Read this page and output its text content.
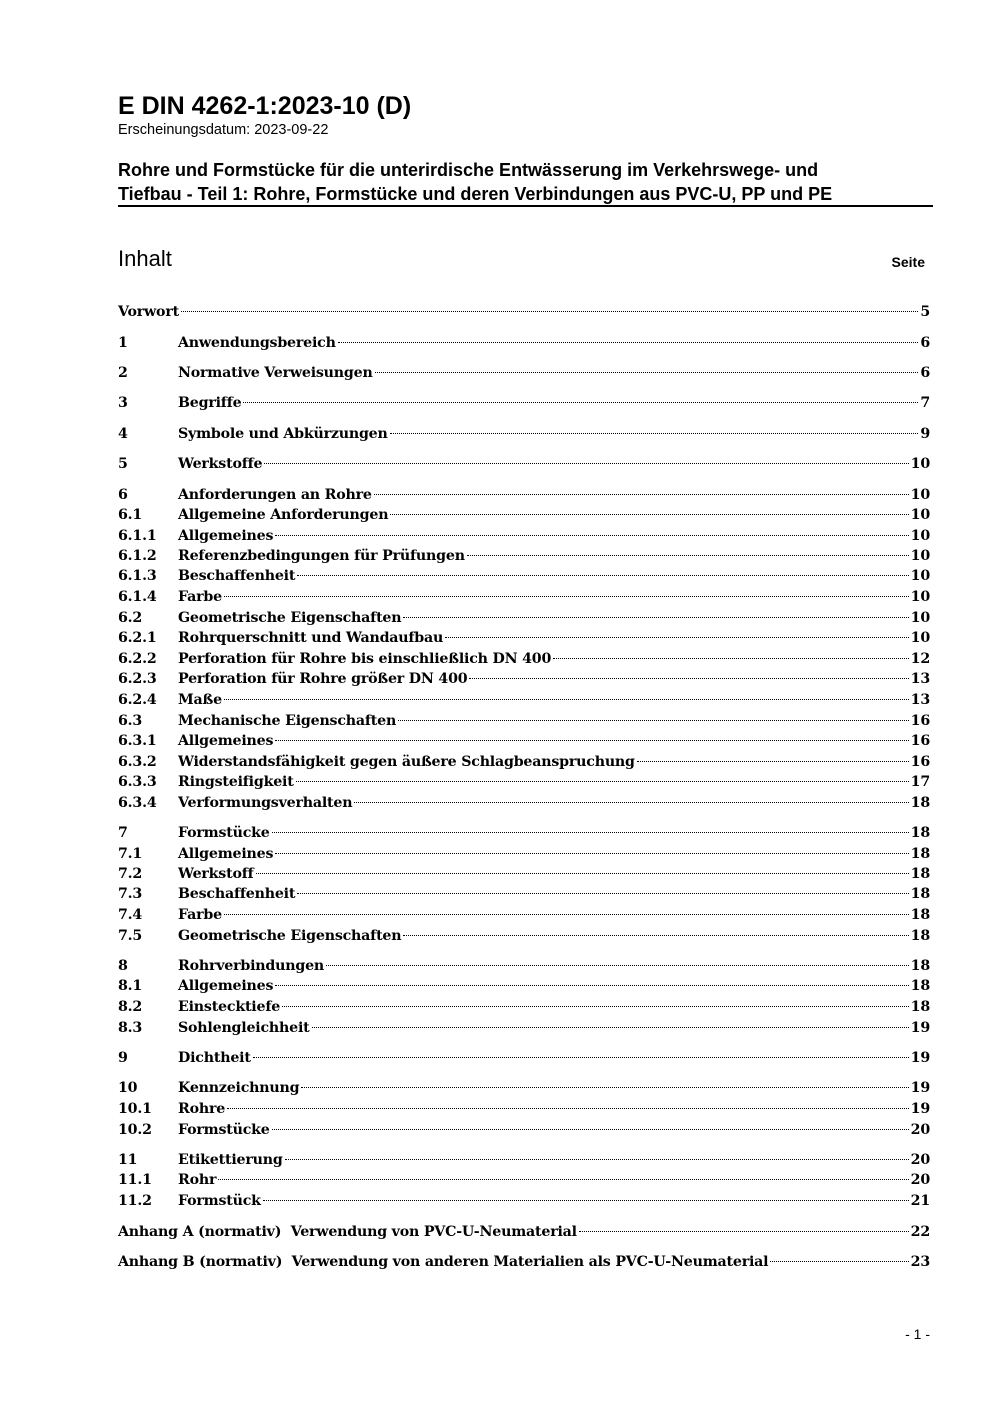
E DIN 4262-1:2023-10 (D)
Erscheinungsdatum: 2023-09-22
Rohre und Formstücke für die unterirdische Entwässerung im Verkehrswege- und
Tiefbau - Teil 1: Rohre, Formstücke und deren Verbindungen aus PVC-U, PP und PE
Inhalt	Seite
Vorwort	5
1	Anwendungsbereich	6
2	Normative Verweisungen	6
3	Begriffe	7
4	Symbole und Abkürzungen	9
5	Werkstoffe	10
6	Anforderungen an Rohre	10
6.1	Allgemeine Anforderungen	10
6.1.1	Allgemeines	10
6.1.2	Referenzbedingungen für Prüfungen	10
6.1.3	Beschaffenheit	10
6.1.4	Farbe	10
6.2	Geometrische Eigenschaften	10
6.2.1	Rohrquerschnitt und Wandaufbau	10
6.2.2	Perforation für Rohre bis einschließlich DN 400	12
6.2.3	Perforation für Rohre größer DN 400	13
6.2.4	Maße	13
6.3	Mechanische Eigenschaften	16
6.3.1	Allgemeines	16
6.3.2	Widerstandsfähigkeit gegen äußere Schlagbeanspruchung	16
6.3.3	Ringsteifigkeit	17
6.3.4	Verformungsverhalten	18
7	Formstücke	18
7.1	Allgemeines	18
7.2	Werkstoff	18
7.3	Beschaffenheit	18
7.4	Farbe	18
7.5	Geometrische Eigenschaften	18
8	Rohrverbindungen	18
8.1	Allgemeines	18
8.2	Einstecktiefe	18
8.3	Sohlengleichheit	19
9	Dichtheit	19
10	Kennzeichnung	19
10.1	Rohre	19
10.2	Formstücke	20
11	Etikettierung	20
11.1	Rohr	20
11.2	Formstück	21
Anhang A (normativ)  Verwendung von PVC-U-Neumaterial	22
Anhang B (normativ)  Verwendung von anderen Materialien als PVC-U-Neumaterial	23
- 1 -
